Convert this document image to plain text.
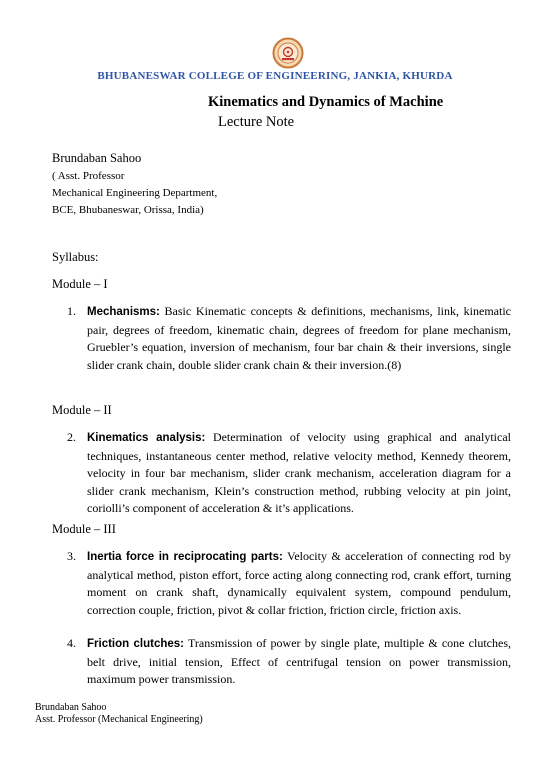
BHUBANESWAR COLLEGE OF ENGINEERING, JANKIA, KHURDA
Kinematics and Dynamics of Machine
Lecture Note
Brundaban Sahoo
( Asst. Professor
Mechanical Engineering Department,
BCE, Bhubaneswar, Orissa, India)
Syllabus:
Module – I
1. Mechanisms: Basic Kinematic concepts & definitions, mechanisms, link, kinematic pair, degrees of freedom, kinematic chain, degrees of freedom for plane mechanism, Gruebler’s equation, inversion of mechanism, four bar chain & their inversions, single slider crank chain, double slider crank chain & their inversion.(8)
Module – II
2. Kinematics analysis: Determination of velocity using graphical and analytical techniques, instantaneous center method, relative velocity method, Kennedy theorem, velocity in four bar mechanism, slider crank mechanism, acceleration diagram for a slider crank mechanism, Klein’s construction method, rubbing velocity at pin joint, coriolli’s component of acceleration & it’s applications.
Module – III
3. Inertia force in reciprocating parts: Velocity & acceleration of connecting rod by analytical method, piston effort, force acting along connecting rod, crank effort, turning moment on crank shaft, dynamically equivalent system, compound pendulum, correction couple, friction, pivot & collar friction, friction circle, friction axis.
4. Friction clutches: Transmission of power by single plate, multiple & cone clutches, belt drive, initial tension, Effect of centrifugal tension on power transmission, maximum power transmission.
Brundaban Sahoo
Asst. Professor (Mechanical Engineering)
